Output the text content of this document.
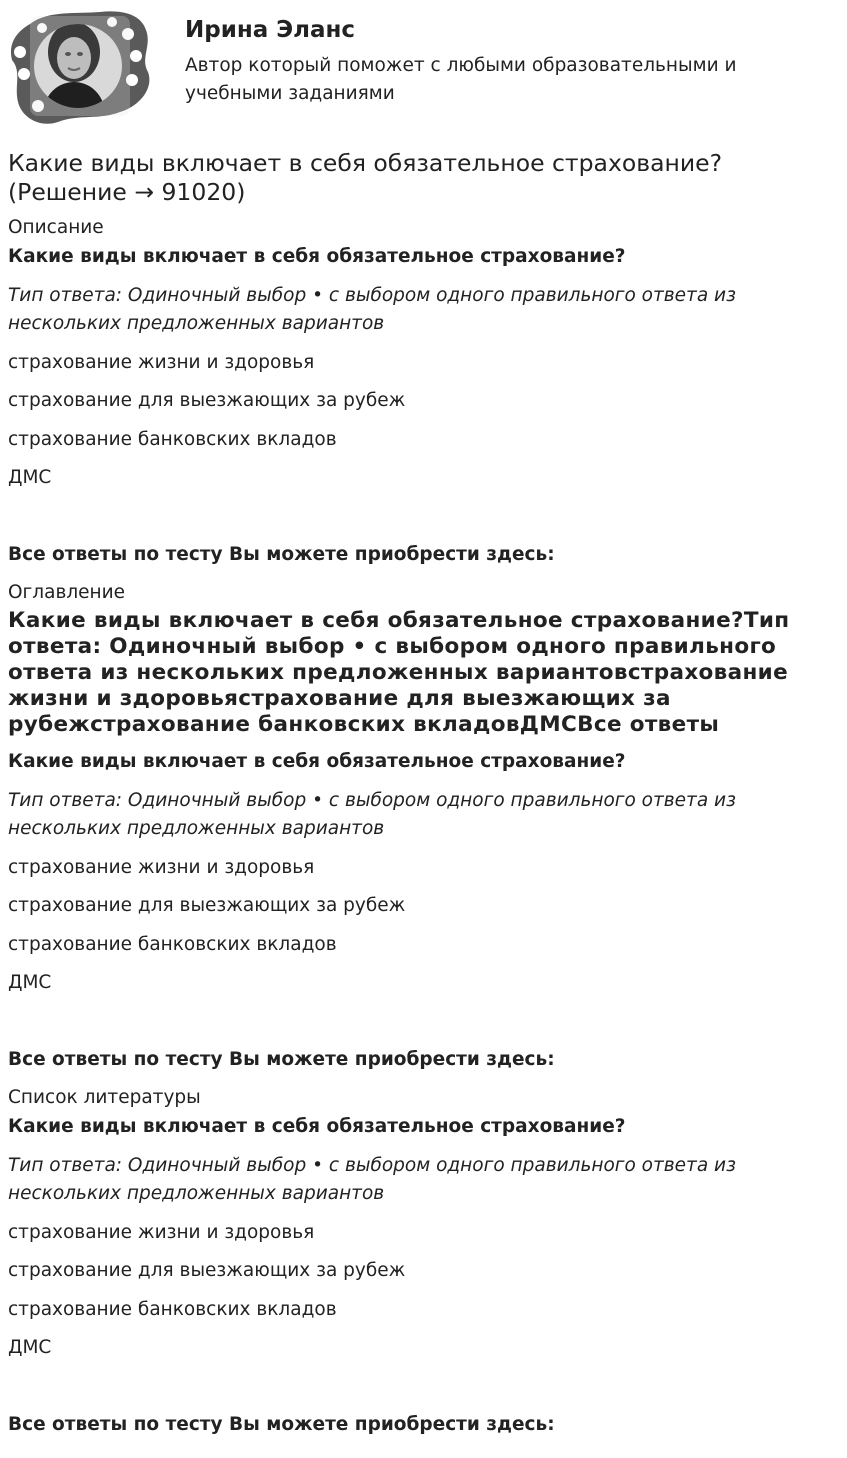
Ирина Эланс

Автор который поможет с любыми образовательными и учебными заданиями

Какие виды включает в себя обязательное страхование? (Решение → 91020)

Описание

Какие виды включает в себя обязательное страхование?

Тип ответа: Одиночный выбор • с выбором одного правильного ответа из нескольких предложенных вариантов

страхование жизни и здоровья

страхование для выезжающих за рубеж

страхование банковских вкладов

ДМС

Все ответы по тесту Вы можете приобрести здесь:

Оглавление

Какие виды включает в себя обязательное страхование?Тип ответа: Одиночный выбор • с выбором одного правильного ответа из нескольких предложенных вариантовстрахование жизни и здоровьястрахование для выезжающих за рубежстрахование банковских вкладовДМСВсе ответы

Какие виды включает в себя обязательное страхование?

Тип ответа: Одиночный выбор • с выбором одного правильного ответа из нескольких предложенных вариантов

страхование жизни и здоровья

страхование для выезжающих за рубеж

страхование банковских вкладов

ДМС

Все ответы по тесту Вы можете приобрести здесь:

Список литературы

Какие виды включает в себя обязательное страхование?

Тип ответа: Одиночный выбор • с выбором одного правильного ответа из нескольких предложенных вариантов

страхование жизни и здоровья

страхование для выезжающих за рубеж

страхование банковских вкладов

ДМС

Все ответы по тесту Вы можете приобрести здесь:
